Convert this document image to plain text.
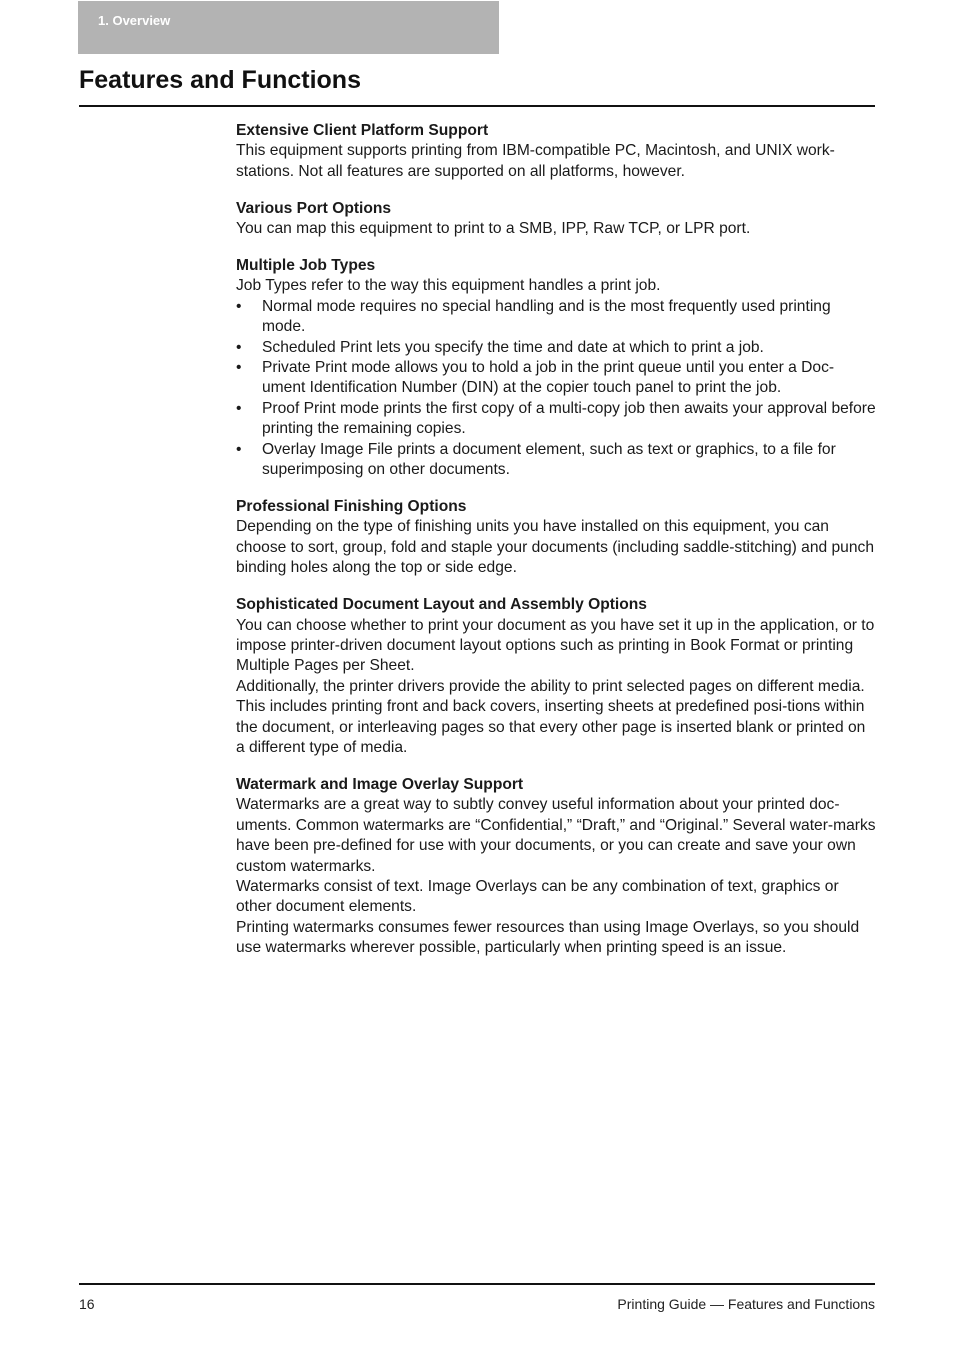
1. Overview
Features and Functions

Extensive Client Platform Support

This equipment supports printing from IBM-compatible PC, Macintosh, and UNIX work-stations. Not all features are supported on all platforms, however.

Various Port Options

You can map this equipment to print to a SMB, IPP, Raw TCP, or LPR port.

Multiple Job Types

Job Types refer to the way this equipment handles a print job.

• Normal mode requires no special handling and is the most frequently used printing mode.
• Scheduled Print lets you specify the time and date at which to print a job.
• Private Print mode allows you to hold a job in the print queue until you enter a Doc-ument Identification Number (DIN) at the copier touch panel to print the job.
• Proof Print mode prints the first copy of a multi-copy job then awaits your approval before printing the remaining copies.
• Overlay Image File prints a document element, such as text or graphics, to a file for superimposing on other documents.

Professional Finishing Options

Depending on the type of finishing units you have installed on this equipment, you can choose to sort, group, fold and staple your documents (including saddle-stitching) and punch binding holes along the top or side edge.

Sophisticated Document Layout and Assembly Options

You can choose whether to print your document as you have set it up in the application, or to impose printer-driven document layout options such as printing in Book Format or printing Multiple Pages per Sheet.

Additionally, the printer drivers provide the ability to print selected pages on different media. This includes printing front and back covers, inserting sheets at predefined posi-tions within the document, or interleaving pages so that every other page is inserted blank or printed on a different type of media.

Watermark and Image Overlay Support

Watermarks are a great way to subtly convey useful information about your printed doc-uments. Common watermarks are “Confidential,” “Draft,” and “Original.” Several water-marks have been pre-defined for use with your documents, or you can create and save your own custom watermarks.

Watermarks consist of text. Image Overlays can be any combination of text, graphics or other document elements.

Printing watermarks consumes fewer resources than using Image Overlays, so you should use watermarks wherever possible, particularly when printing speed is an issue.

16	Printing Guide — Features and Functions
